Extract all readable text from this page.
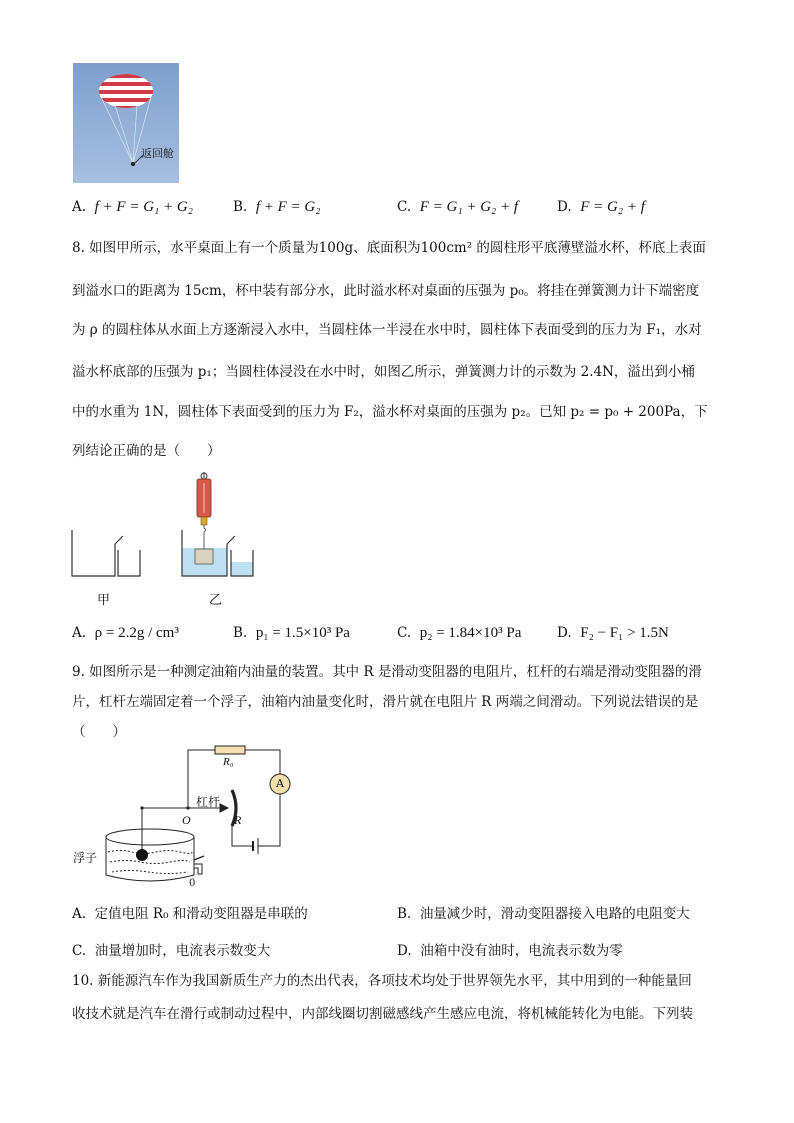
返回舱
A. f + F = G₁ + G₂	B. f + F = G₂	C. F = G₁ + G₂ + f	D. F = G₂ + f
8. 如图甲所示，水平桌面上有一个质量为100g、底面积为100cm² 的圆柱形平底薄壁溢水杯，杯底上表面
到溢水口的距离为 15cm，杯中装有部分水，此时溢水杯对桌面的压强为 p₀。将挂在弹簧测力计下端密度
为 ρ 的圆柱体从水面上方逐渐浸入水中，当圆柱体一半浸在水中时，圆柱体下表面受到的压力为 F₁，水对
溢水杯底部的压强为 p₁；当圆柱体浸没在水中时，如图乙所示，弹簧测力计的示数为 2.4N，溢出到小桶
中的水重为 1N，圆柱体下表面受到的压力为 F₂，溢水杯对桌面的压强为 p₂。已知 p₂ = p₀ + 200Pa，下
列结论正确的是（　　）
甲	乙
A. ρ = 2.2g / cm³	B. p₁ = 1.5×10³ Pa	C. p₂ = 1.84×10³ Pa	D. F₂ − F₁ > 1.5N
9. 如图所示是一种测定油箱内油量的装置。其中 R 是滑动变阻器的电阻片，杠杆的右端是滑动变阻器的滑
片，杠杆左端固定着一个浮子，油箱内油量变化时，滑片就在电阻片 R 两端之间滑动。下列说法错误的是
（　　）
R₀
A
杠杆
O	R
浮子
0
A. 定值电阻 R₀ 和滑动变阻器是串联的	B. 油量减少时，滑动变阻器接入电路的电阻变大
C. 油量增加时，电流表示数变大	D. 油箱中没有油时，电流表示数为零
10. 新能源汽车作为我国新质生产力的杰出代表，各项技术均处于世界领先水平，其中用到的一种能量回
收技术就是汽车在滑行或制动过程中，内部线圈切割磁感线产生感应电流，将机械能转化为电能。下列装
